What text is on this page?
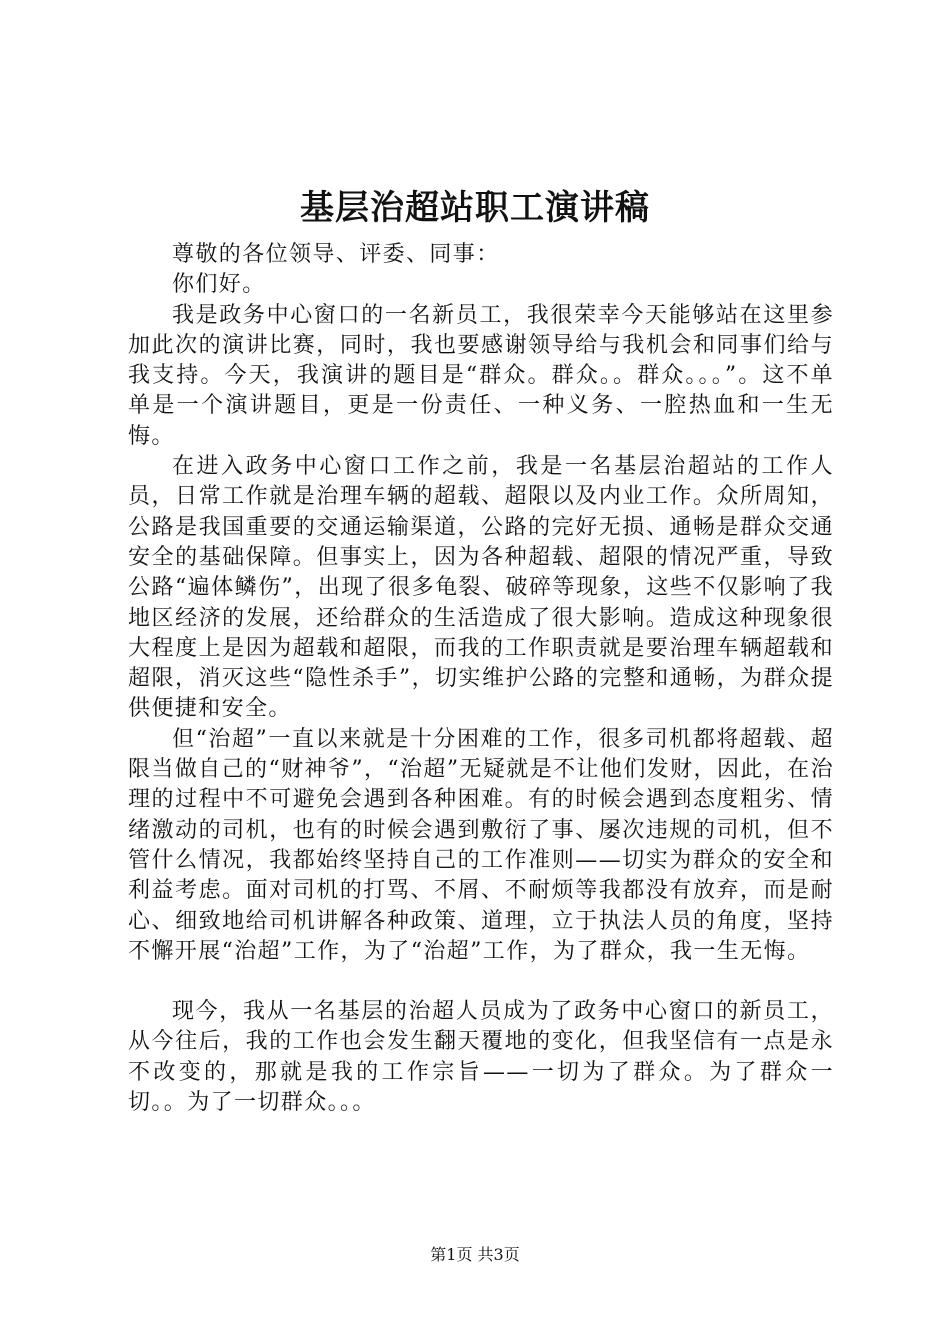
基层治超站职工演讲稿

尊敬的各位领导、评委、同事：

你们好。

我是政务中心窗口的一名新员工，我很荣幸今天能够站在这里参加此次的演讲比赛，同时，我也要感谢领导给与我机会和同事们给与我支持。今天，我演讲的题目是“群众。群众。。群众。。。”。这不单单是一个演讲题目，更是一份责任、一种义务、一腔热血和一生无悔。

在进入政务中心窗口工作之前，我是一名基层治超站的工作人员，日常工作就是治理车辆的超载、超限以及内业工作。众所周知，公路是我国重要的交通运输渠道，公路的完好无损、通畅是群众交通安全的基础保障。但事实上，因为各种超载、超限的情况严重，导致公路“遍体鳞伤”，出现了很多龟裂、破碎等现象，这些不仅影响了我地区经济的发展，还给群众的生活造成了很大影响。造成这种现象很大程度上是因为超载和超限，而我的工作职责就是要治理车辆超载和超限，消灭这些“隐性杀手”，切实维护公路的完整和通畅，为群众提供便捷和安全。

但“治超”一直以来就是十分困难的工作，很多司机都将超载、超限当做自己的“财神爷”，“治超”无疑就是不让他们发财，因此，在治理的过程中不可避免会遇到各种困难。有的时候会遇到态度粗劣、情绪激动的司机，也有的时候会遇到敷衍了事、屡次违规的司机，但不管什么情况，我都始终坚持自己的工作准则——切实为群众的安全和利益考虑。面对司机的打骂、不屑、不耐烦等我都没有放弃，而是耐心、细致地给司机讲解各种政策、道理，立于执法人员的角度，坚持不懈开展“治超”工作，为了“治超”工作，为了群众，我一生无悔。

现今，我从一名基层的治超人员成为了政务中心窗口的新员工，从今往后，我的工作也会发生翻天覆地的变化，但我坚信有一点是永不改变的，那就是我的工作宗旨——一切为了群众。为了群众一切。。为了一切群众。。。

第1页 共3页
